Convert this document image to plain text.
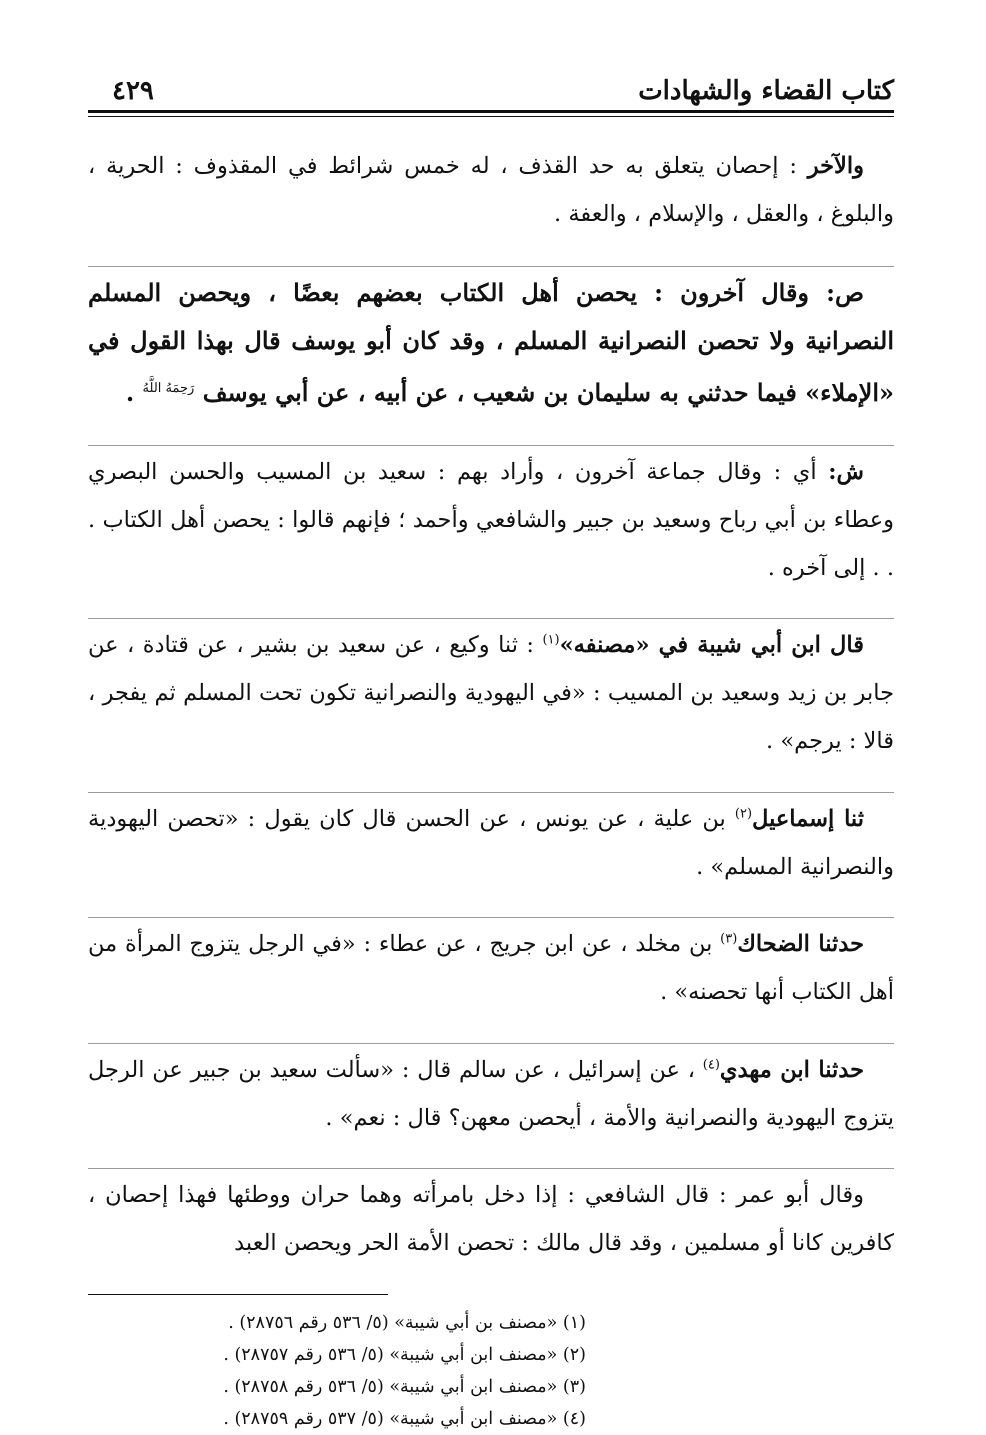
كتاب القضاء والشهادات
٤٢٩

والآخر : إحصان يتعلق به حد القذف ، له خمس شرائط في المقذوف : الحرية ، والبلوغ ، والعقل ، والإسلام ، والعفة .

ص: وقال آخرون : يحصن أهل الكتاب بعضهم بعضًا ، ويحصن المسلم النصرانية ولا تحصن النصرانية المسلم ، وقد كان أبو يوسف قال بهذا القول في «الإملاء» فيما حدثني به سليمان بن شعيب ، عن أبيه ، عن أبي يوسف $^{رَحِمَهُ اللَّهُ}$ .

ش: أي : وقال جماعة آخرون ، وأراد بهم : سعيد بن المسيب والحسن البصري وعطاء بن أبي رباح وسعيد بن جبير والشافعي وأحمد ؛ فإنهم قالوا : يحصن أهل الكتاب . . . إلى آخره .

قال ابن أبي شيبة في «مصنفه»$^{(١)}$ : ثنا وكيع ، عن سعيد بن بشير ، عن قتادة ، عن جابر بن زيد وسعيد بن المسيب : «في اليهودية والنصرانية تكون تحت المسلم ثم يفجر ، قالا : يرجم» .

ثنا إسماعيل$^{(٢)}$ بن علية ، عن يونس ، عن الحسن قال كان يقول : «تحصن اليهودية والنصرانية المسلم» .

حدثنا الضحاك$^{(٣)}$ بن مخلد ، عن ابن جريج ، عن عطاء : «في الرجل يتزوج المرأة من أهل الكتاب أنها تحصنه» .

حدثنا ابن مهدي$^{(٤)}$ ، عن إسرائيل ، عن سالم قال : «سألت سعيد بن جبير عن الرجل يتزوج اليهودية والنصرانية والأمة ، أيحصن معهن؟ قال : نعم» .

وقال أبو عمر : قال الشافعي : إذا دخل بامرأته وهما حران ووطئها فهذا إحصان ، كافرين كانا أو مسلمين ، وقد قال مالك : تحصن الأمة الحر ويحصن العبد

(١) «مصنف بن أبي شيبة» (٥/ ٥٣٦ رقم ٢٨٧٥٦) .
(٢) «مصنف ابن أبي شيبة» (٥/ ٥٣٦ رقم ٢٨٧٥٧) .
(٣) «مصنف ابن أبي شيبة» (٥/ ٥٣٦ رقم ٢٨٧٥٨) .
(٤) «مصنف ابن أبي شيبة» (٥/ ٥٣٧ رقم ٢٨٧٥٩) .
